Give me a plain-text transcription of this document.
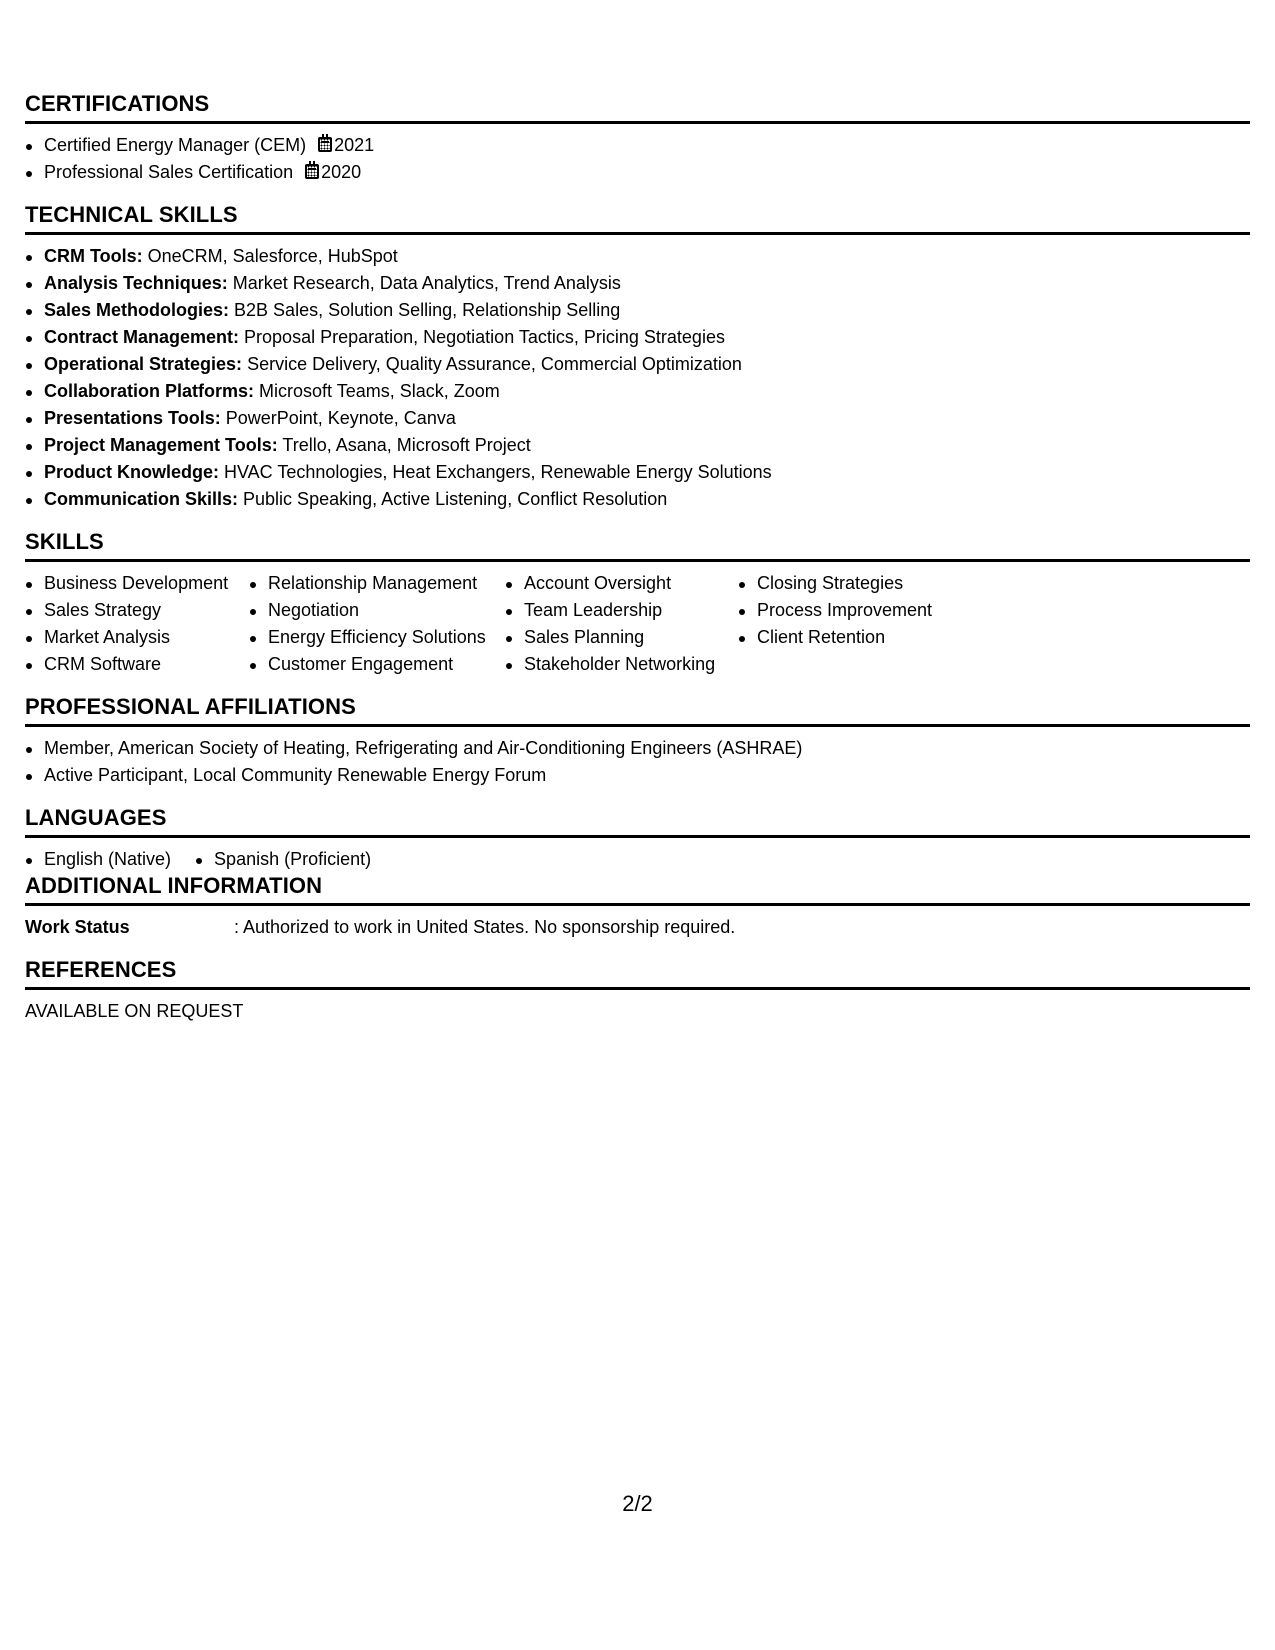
CERTIFICATIONS
Certified Energy Manager (CEM) 2021
Professional Sales Certification 2020
TECHNICAL SKILLS
CRM Tools: OneCRM, Salesforce, HubSpot
Analysis Techniques: Market Research, Data Analytics, Trend Analysis
Sales Methodologies: B2B Sales, Solution Selling, Relationship Selling
Contract Management: Proposal Preparation, Negotiation Tactics, Pricing Strategies
Operational Strategies: Service Delivery, Quality Assurance, Commercial Optimization
Collaboration Platforms: Microsoft Teams, Slack, Zoom
Presentations Tools: PowerPoint, Keynote, Canva
Project Management Tools: Trello, Asana, Microsoft Project
Product Knowledge: HVAC Technologies, Heat Exchangers, Renewable Energy Solutions
Communication Skills: Public Speaking, Active Listening, Conflict Resolution
SKILLS
Business Development
Sales Strategy
Market Analysis
CRM Software
Relationship Management
Negotiation
Energy Efficiency Solutions
Customer Engagement
Account Oversight
Team Leadership
Sales Planning
Stakeholder Networking
Closing Strategies
Process Improvement
Client Retention
PROFESSIONAL AFFILIATIONS
Member, American Society of Heating, Refrigerating and Air-Conditioning Engineers (ASHRAE)
Active Participant, Local Community Renewable Energy Forum
LANGUAGES
English (Native)	Spanish (Proficient)
ADDITIONAL INFORMATION
Work Status	: Authorized to work in United States. No sponsorship required.
REFERENCES
AVAILABLE ON REQUEST
2/2
